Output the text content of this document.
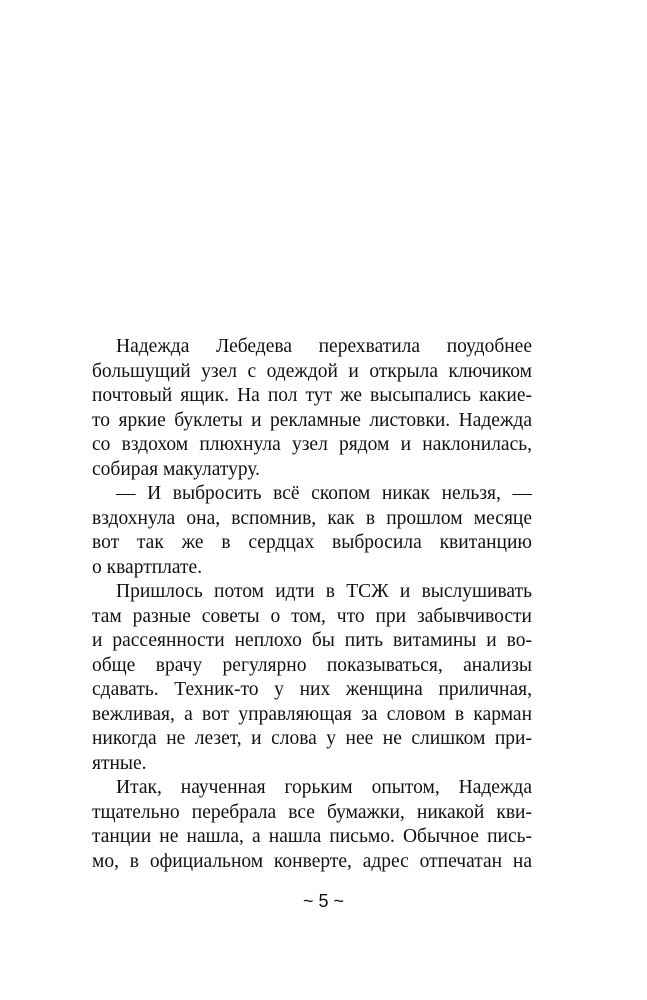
Надежда Лебедева перехватила поудобнее
большущий узел с одеждой и открыла ключиком
почтовый ящик. На пол тут же высыпались какие-
то яркие буклеты и рекламные листовки. Надежда
со вздохом плюхнула узел рядом и наклонилась,
собирая макулатуру.
— И выбросить всё скопом никак нельзя, —
вздохнула она, вспомнив, как в прошлом месяце
вот так же в сердцах выбросила квитанцию
о квартплате.
Пришлось потом идти в ТСЖ и выслушивать
там разные советы о том, что при забывчивости
и рассеянности неплохо бы пить витамины и во-
обще врачу регулярно показываться, анализы
сдавать. Техник-то у них женщина приличная,
вежливая, а вот управляющая за словом в карман
никогда не лезет, и слова у нее не слишком при-
ятные.
Итак, наученная горьким опытом, Надежда
тщательно перебрала все бумажки, никакой кви-
танции не нашла, а нашла письмо. Обычное пись-
мо, в официальном конверте, адрес отпечатан на
~ 5 ~
